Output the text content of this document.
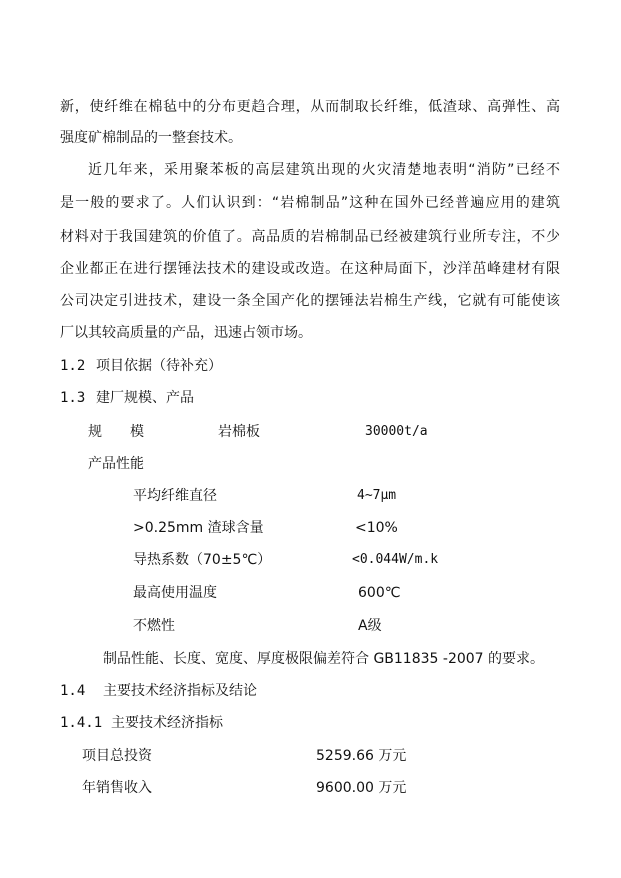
新，使纤维在棉毡中的分布更趋合理，从而制取长纤维，低渣球、高弹性、高
强度矿棉制品的一整套技术。
近几年来，采用聚苯板的高层建筑出现的火灾清楚地表明“消防”已经不
是一般的要求了。人们认识到：“岩棉制品”这种在国外已经普遍应用的建筑
材料对于我国建筑的价值了。高品质的岩棉制品已经被建筑行业所专注，不少
企业都正在进行摆锤法技术的建设或改造。在这种局面下，沙洋茁峰建材有限
公司决定引进技术，建设一条全国产化的摆锤法岩棉生产线，它就有可能使该
厂以其较高质量的产品，迅速占领市场。
1.2 项目依据（待补充）
1.3 建厂规模、产品
规　　模	岩棉板	30000t/a
产品性能
平均纤维直径	4~7μm
>0.25mm 渣球含量	<10%
导热系数（70±5℃）	<0.044W/m.k
最高使用温度	600℃
不燃性	A级
制品性能、长度、宽度、厚度极限偏差符合 GB11835 -2007 的要求。
1.4 主要技术经济指标及结论
1.4.1 主要技术经济指标
项目总投资	5259.66 万元
年销售收入	9600.00 万元
